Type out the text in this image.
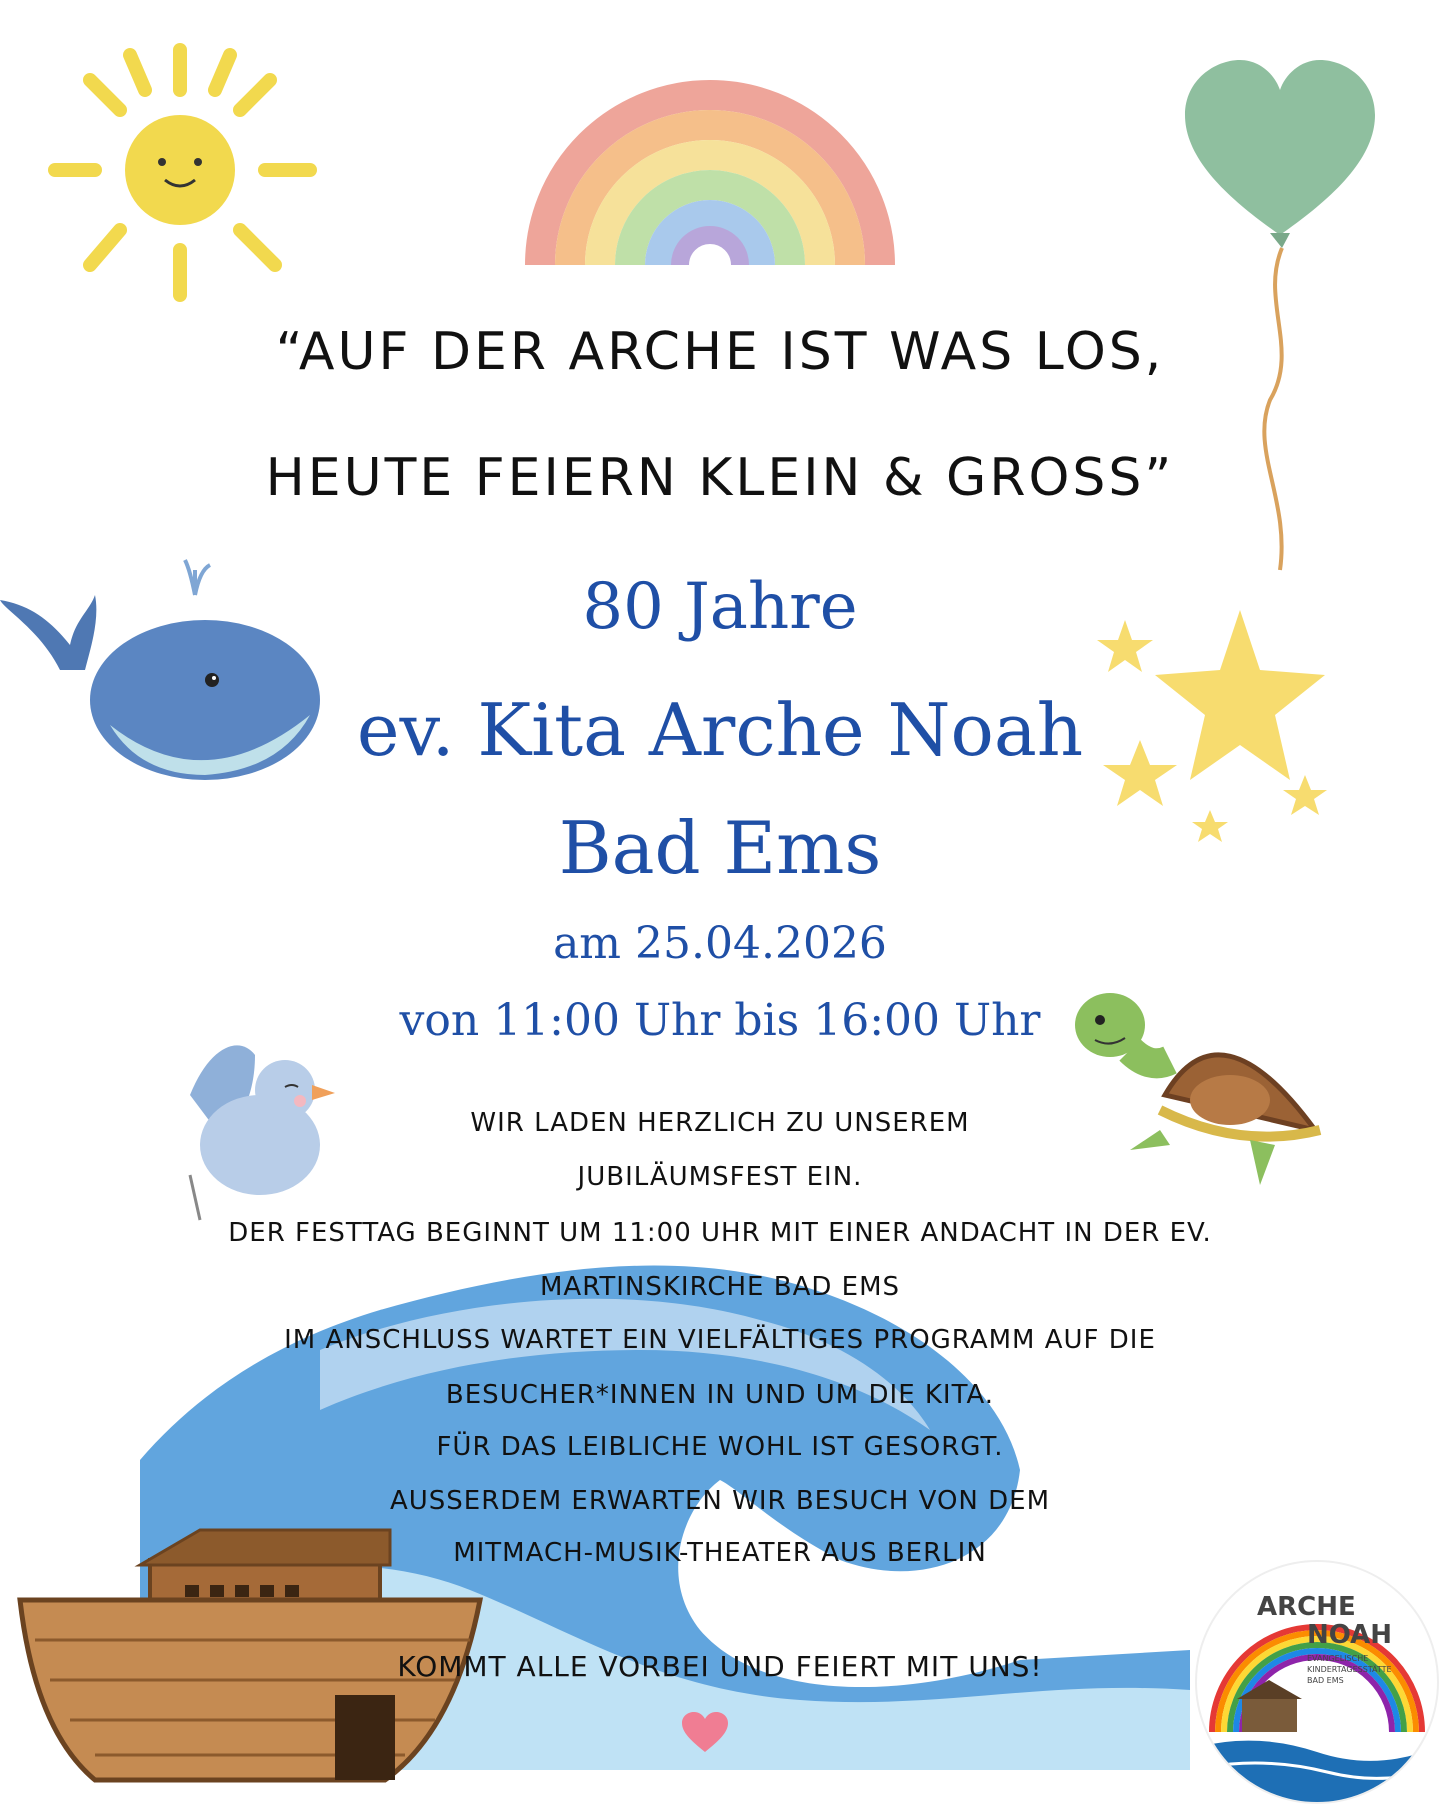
ARCHE
NOAH
EVANGELISCHE
KINDERTAGESSTÄTTE
BAD EMS
“AUF DER ARCHE IST WAS LOS,
HEUTE FEIERN KLEIN & GROSS”
80 Jahre
ev. Kita Arche Noah
Bad Ems
am 25.04.2026
von 11:00 Uhr bis 16:00 Uhr
WIR LADEN HERZLICH ZU UNSEREM
JUBILÄUMSFEST EIN.
DER FESTTAG BEGINNT UM 11:00 UHR MIT EINER ANDACHT IN DER EV.
MARTINSKIRCHE BAD EMS
IM ANSCHLUSS WARTET EIN VIELFÄLTIGES PROGRAMM AUF DIE
BESUCHER*INNEN IN UND UM DIE KITA.
FÜR DAS LEIBLICHE WOHL IST GESORGT.
AUSSERDEM ERWARTEN WIR BESUCH VON DEM
MITMACH-MUSIK-THEATER AUS BERLIN
KOMMT ALLE VORBEI UND FEIERT MIT UNS!
